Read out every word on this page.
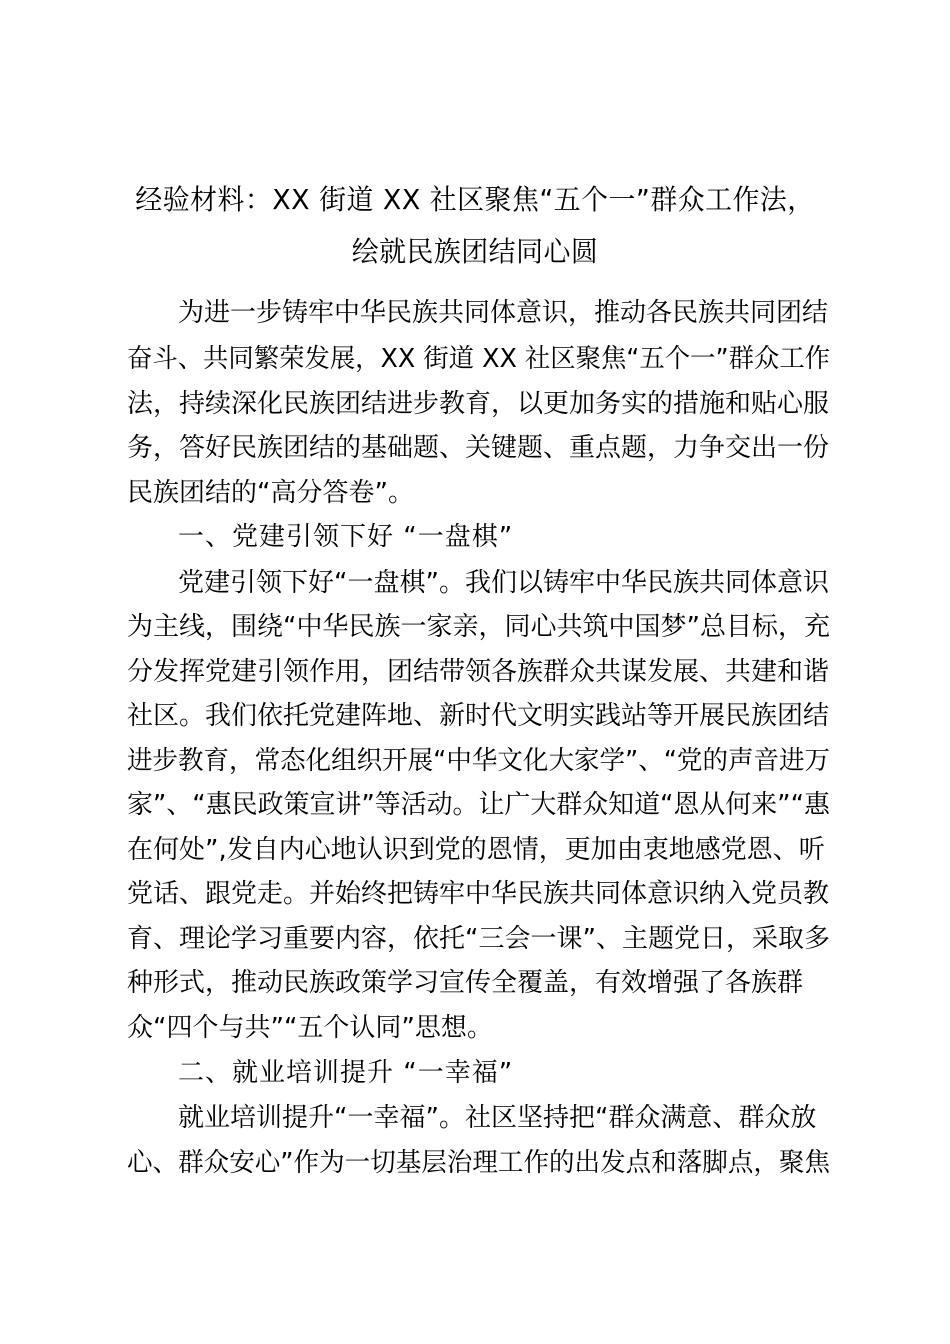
经验材料：XX 街道 XX 社区聚焦“五个一”群众工作法，
绘就民族团结同心圆
为进一步铸牢中华民族共同体意识，推动各民族共同团结
奋斗、共同繁荣发展，XX 街道 XX 社区聚焦“五个一”群众工作
法，持续深化民族团结进步教育，以更加务实的措施和贴心服
务，答好民族团结的基础题、关键题、重点题，力争交出一份
民族团结的“高分答卷”。
一、党建引领下好 “一盘棋”
党建引领下好“一盘棋”。我们以铸牢中华民族共同体意识
为主线，围绕“中华民族一家亲，同心共筑中国梦”总目标，充
分发挥党建引领作用，团结带领各族群众共谋发展、共建和谐
社区。我们依托党建阵地、新时代文明实践站等开展民族团结
进步教育，常态化组织开展“中华文化大家学”、“党的声音进万
家”、“惠民政策宣讲”等活动。让广大群众知道“恩从何来”“惠
在何处”,发自内心地认识到党的恩情，更加由衷地感党恩、听
党话、跟党走。并始终把铸牢中华民族共同体意识纳入党员教
育、理论学习重要内容，依托“三会一课”、主题党日，采取多
种形式，推动民族政策学习宣传全覆盖，有效增强了各族群
众“四个与共”“五个认同”思想。
二、就业培训提升 “一幸福”
就业培训提升“一幸福”。社区坚持把“群众满意、群众放
心、群众安心”作为一切基层治理工作的出发点和落脚点，聚焦
